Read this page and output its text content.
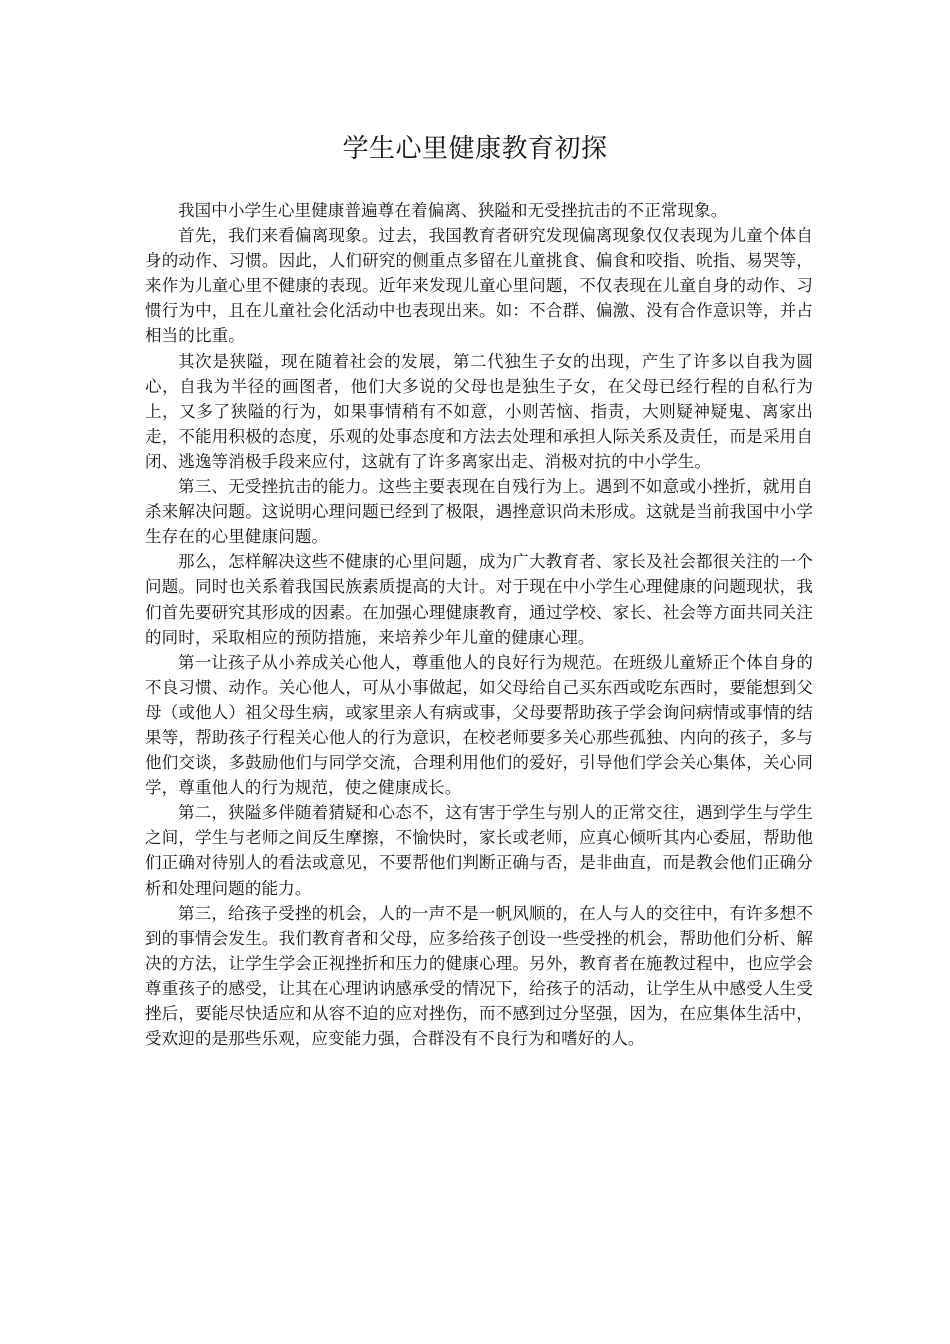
学生心里健康教育初探

我国中小学生心里健康普遍尊在着偏离、狭隘和无受挫抗击的不正常现象。

首先，我们来看偏离现象。过去，我国教育者研究发现偏离现象仅仅表现为儿童个体自身的动作、习惯。因此，人们研究的侧重点多留在儿童挑食、偏食和咬指、吮指、易哭等，来作为儿童心里不健康的表现。近年来发现儿童心里问题，不仅表现在儿童自身的动作、习惯行为中，且在儿童社会化活动中也表现出来。如：不合群、偏激、没有合作意识等，并占相当的比重。

其次是狭隘，现在随着社会的发展，第二代独生子女的出现，产生了许多以自我为圆心，自我为半径的画图者，他们大多说的父母也是独生子女，在父母已经行程的自私行为上，又多了狭隘的行为，如果事情稍有不如意，小则苦恼、指责，大则疑神疑鬼、离家出走，不能用积极的态度，乐观的处事态度和方法去处理和承担人际关系及责任，而是采用自闭、逃逸等消极手段来应付，这就有了许多离家出走、消极对抗的中小学生。

第三、无受挫抗击的能力。这些主要表现在自残行为上。遇到不如意或小挫折，就用自杀来解决问题。这说明心理问题已经到了极限，遇挫意识尚未形成。这就是当前我国中小学生存在的心里健康问题。

那么，怎样解决这些不健康的心里问题，成为广大教育者、家长及社会都很关注的一个问题。同时也关系着我国民族素质提高的大计。对于现在中小学生心理健康的问题现状，我们首先要研究其形成的因素。在加强心理健康教育，通过学校、家长、社会等方面共同关注的同时，采取相应的预防措施，来培养少年儿童的健康心理。

第一让孩子从小养成关心他人，尊重他人的良好行为规范。在班级儿童矫正个体自身的不良习惯、动作。关心他人，可从小事做起，如父母给自己买东西或吃东西时，要能想到父母（或他人）祖父母生病，或家里亲人有病或事，父母要帮助孩子学会询问病情或事情的结果等，帮助孩子行程关心他人的行为意识，在校老师要多关心那些孤独、内向的孩子，多与他们交谈，多鼓励他们与同学交流，合理利用他们的爱好，引导他们学会关心集体，关心同学，尊重他人的行为规范，使之健康成长。

第二，狭隘多伴随着猜疑和心态不，这有害于学生与别人的正常交往，遇到学生与学生之间，学生与老师之间反生摩擦，不愉快时，家长或老师，应真心倾听其内心委屈，帮助他们正确对待别人的看法或意见，不要帮他们判断正确与否，是非曲直，而是教会他们正确分析和处理问题的能力。

第三，给孩子受挫的机会，人的一声不是一帆风顺的，在人与人的交往中，有许多想不到的事情会发生。我们教育者和父母，应多给孩子创设一些受挫的机会，帮助他们分析、解决的方法，让学生学会正视挫折和压力的健康心理。另外，教育者在施教过程中，也应学会尊重孩子的感受，让其在心理讷讷感承受的情况下，给孩子的活动，让学生从中感受人生受挫后，要能尽快适应和从容不迫的应对挫伤，而不感到过分坚强，因为，在应集体生活中，受欢迎的是那些乐观，应变能力强，合群没有不良行为和嗜好的人。
